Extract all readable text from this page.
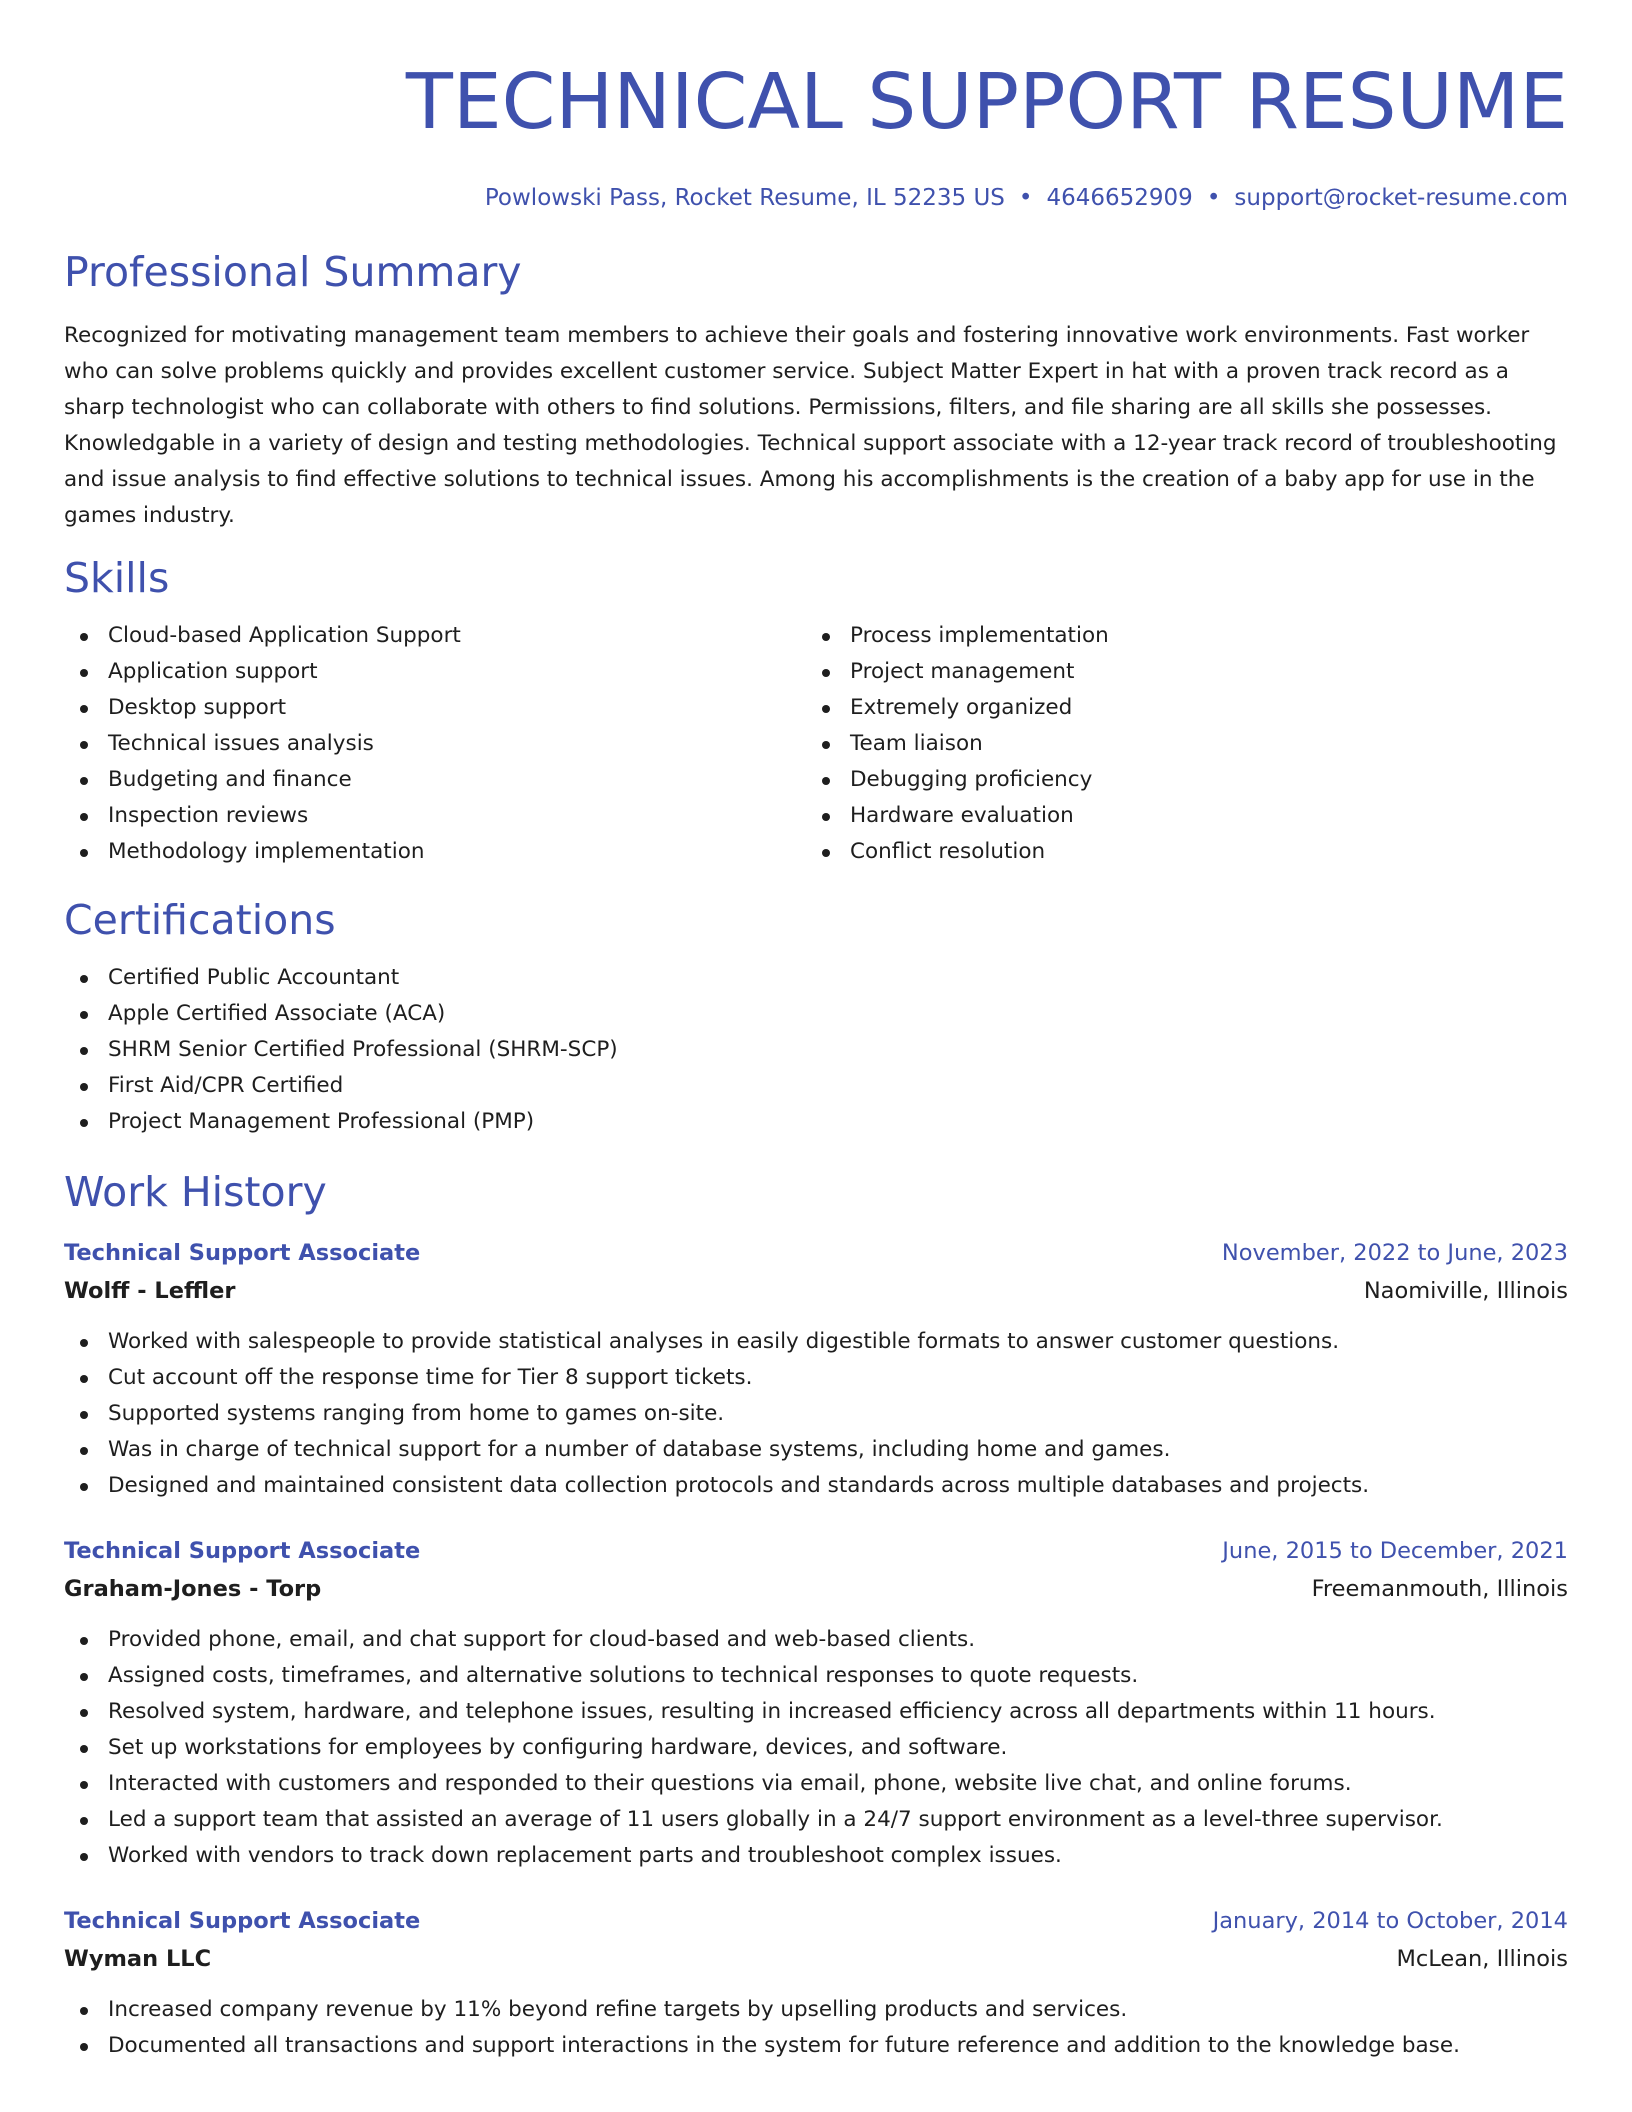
TECHNICAL SUPPORT RESUME
Powlowski Pass, Rocket Resume, IL 52235 US • 4646652909 • support@rocket-resume.com
Professional Summary

Recognized for motivating management team members to achieve their goals and fostering innovative work environments. Fast worker who can solve problems quickly and provides excellent customer service. Subject Matter Expert in hat with a proven track record as a sharp technologist who can collaborate with others to find solutions. Permissions, filters, and file sharing are all skills she possesses. Knowledgable in a variety of design and testing methodologies. Technical support associate with a 12-year track record of troubleshooting and issue analysis to find effective solutions to technical issues. Among his accomplishments is the creation of a baby app for use in the games industry.

Skills
Cloud-based Application Support
Application support
Desktop support
Technical issues analysis
Budgeting and finance
Inspection reviews
Methodology implementation
Process implementation
Project management
Extremely organized
Team liaison
Debugging proficiency
Hardware evaluation
Conflict resolution
Certifications
Certified Public Accountant
Apple Certified Associate (ACA)
SHRM Senior Certified Professional (SHRM-SCP)
First Aid/CPR Certified
Project Management Professional (PMP)
Work History
Technical Support Associate	November, 2022 to June, 2023
Wolff - Leffler	Naomiville, Illinois
Worked with salespeople to provide statistical analyses in easily digestible formats to answer customer questions.
Cut account off the response time for Tier 8 support tickets.
Supported systems ranging from home to games on-site.
Was in charge of technical support for a number of database systems, including home and games.
Designed and maintained consistent data collection protocols and standards across multiple databases and projects.
Technical Support Associate	June, 2015 to December, 2021
Graham-Jones - Torp	Freemanmouth, Illinois
Provided phone, email, and chat support for cloud-based and web-based clients.
Assigned costs, timeframes, and alternative solutions to technical responses to quote requests.
Resolved system, hardware, and telephone issues, resulting in increased efficiency across all departments within 11 hours.
Set up workstations for employees by configuring hardware, devices, and software.
Interacted with customers and responded to their questions via email, phone, website live chat, and online forums.
Led a support team that assisted an average of 11 users globally in a 24/7 support environment as a level-three supervisor.
Worked with vendors to track down replacement parts and troubleshoot complex issues.
Technical Support Associate	January, 2014 to October, 2014
Wyman LLC	McLean, Illinois
Increased company revenue by 11% beyond refine targets by upselling products and services.
Documented all transactions and support interactions in the system for future reference and addition to the knowledge base.
